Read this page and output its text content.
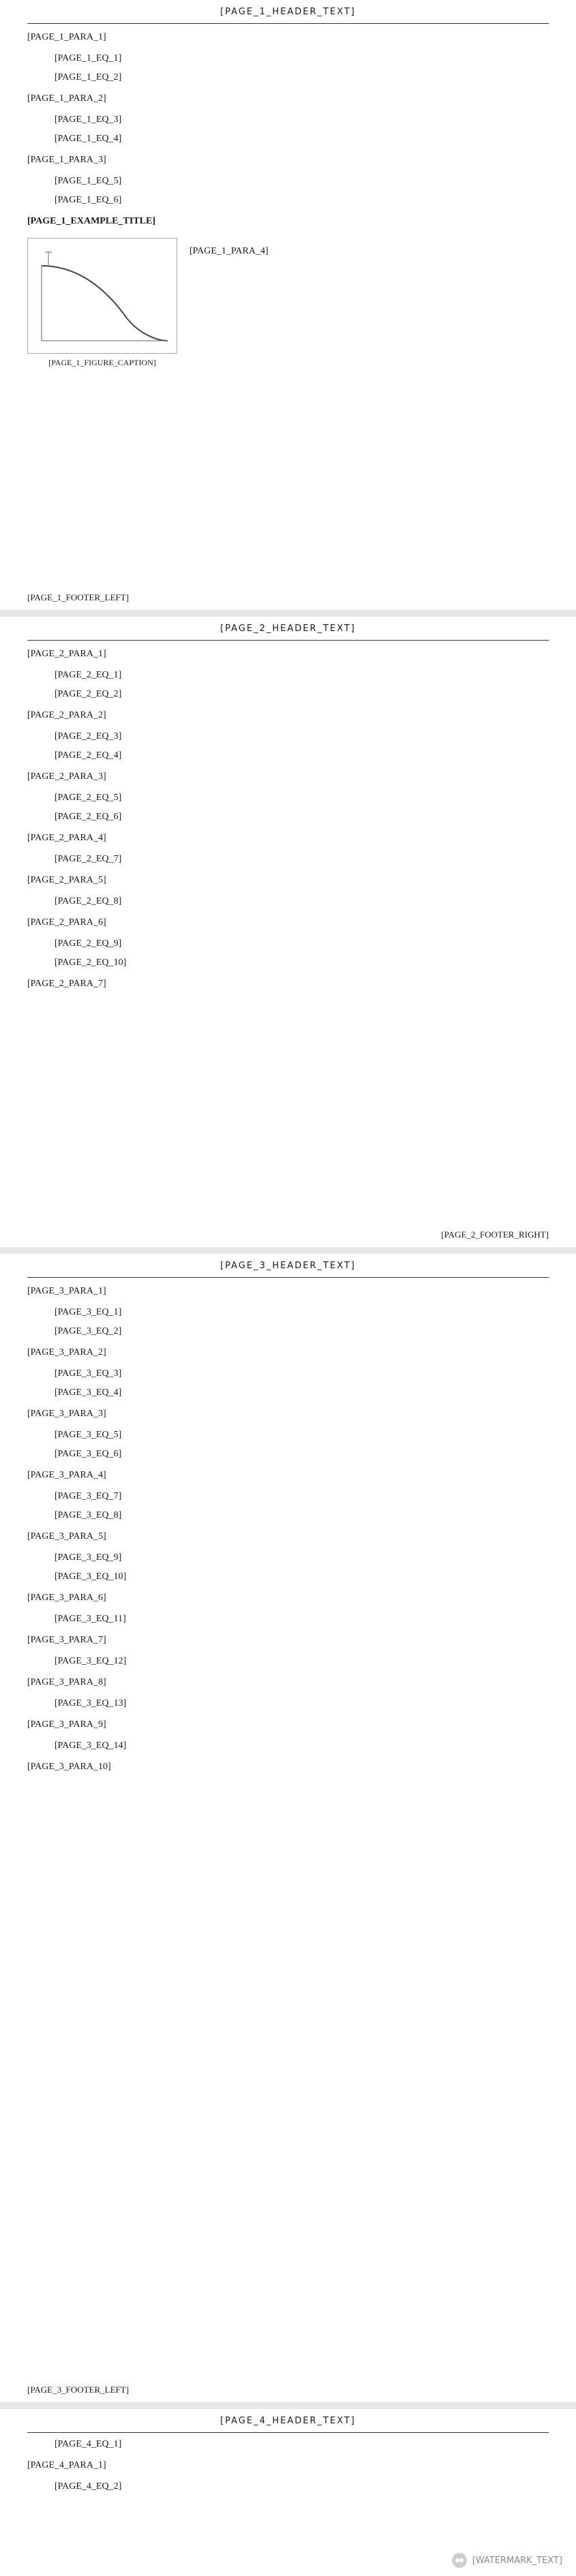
[PAGE_1_HEADER_TEXT]
[PAGE_1_PARA_1]
[PAGE_1_EQ_1]
[PAGE_1_EQ_2]
[PAGE_1_PARA_2]
[PAGE_1_EQ_3]
[PAGE_1_EQ_4]
[PAGE_1_PARA_3]
[PAGE_1_EQ_5]
[PAGE_1_EQ_6]
[PAGE_1_EXAMPLE_TITLE]
[PAGE_1_FIGURE_CAPTION]
[PAGE_1_PARA_4]
[PAGE_1_FOOTER_LEFT]
[PAGE_2_HEADER_TEXT]
[PAGE_2_PARA_1]
[PAGE_2_EQ_1]
[PAGE_2_EQ_2]
[PAGE_2_PARA_2]
[PAGE_2_EQ_3]
[PAGE_2_EQ_4]
[PAGE_2_PARA_3]
[PAGE_2_EQ_5]
[PAGE_2_EQ_6]
[PAGE_2_PARA_4]
[PAGE_2_EQ_7]
[PAGE_2_PARA_5]
[PAGE_2_EQ_8]
[PAGE_2_PARA_6]
[PAGE_2_EQ_9]
[PAGE_2_EQ_10]
[PAGE_2_PARA_7]
[PAGE_2_FOOTER_RIGHT]
[PAGE_3_HEADER_TEXT]
[PAGE_3_PARA_1]
[PAGE_3_EQ_1]
[PAGE_3_EQ_2]
[PAGE_3_PARA_2]
[PAGE_3_EQ_3]
[PAGE_3_EQ_4]
[PAGE_3_PARA_3]
[PAGE_3_EQ_5]
[PAGE_3_EQ_6]
[PAGE_3_PARA_4]
[PAGE_3_EQ_7]
[PAGE_3_EQ_8]
[PAGE_3_PARA_5]
[PAGE_3_EQ_9]
[PAGE_3_EQ_10]
[PAGE_3_PARA_6]
[PAGE_3_EQ_11]
[PAGE_3_PARA_7]
[PAGE_3_EQ_12]
[PAGE_3_PARA_8]
[PAGE_3_EQ_13]
[PAGE_3_PARA_9]
[PAGE_3_EQ_14]
[PAGE_3_PARA_10]
[PAGE_3_FOOTER_LEFT]
[PAGE_4_HEADER_TEXT]
[PAGE_4_EQ_1]
[PAGE_4_PARA_1]
[PAGE_4_EQ_2]
[WATERMARK_TEXT]
